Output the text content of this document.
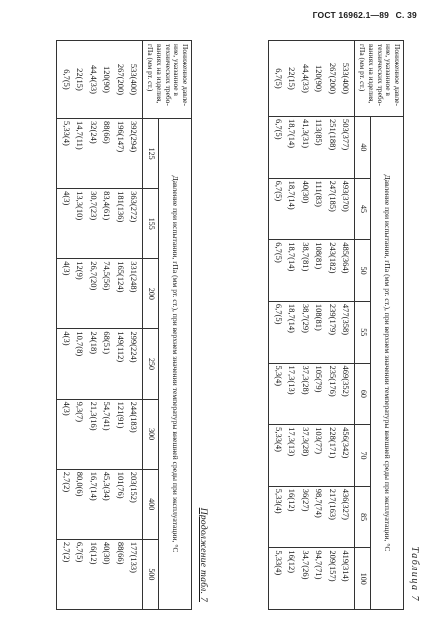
ГОСТ 16962.1—89 С. 39
Таблица 7
Пониженное давле-ние, указанное в технических требо-ваниях на изделия, гПа (мм рт. ст.)	Давление при испытании, гПа (мм рт. ст.), при верхнем значении температуры внешней среды при эксплуатации, °С							
	40	45	50	55	60	70	85	100
533(400)	503(377)	493(370)	485(364)	477(358)	469(352)	456(342)	436(327)	419(314)
267(200)	251(188)	247(185)	243(182)	239(179)	235(176)	228(171)	217(163)	209(157)
120(90)	113(85)	111(83)	108(81)	108(81)	105(79)	103(77)	98,7(74)	94,7(71)
44,4(33)	41,3(31)	40(30)	38,7(81)	38,7(29)	37,3(28)	37,3(28)	36(27)	34,7(26)
22(15)	18,7(14)	18,7(14)	18,7(14)	18,7(14)	17,3(13)	17,3(13)	16(12)	16(12)
6,7(5)	6,7(5)	6,7(5)	6,7(5)	6,7(5)	5,3(4)	5,33(4)	5,33(4)	5,33(4)
Продолжение табл. 7
Пониженное давле-ние, указанное в технических требо-ваниях на изделия, гПа (мм рт. ст.)	Давление при испытании, гПа (мм рт. ст.), при верхнем значении температуры внешней среды при эксплуатации, °С						
	125	155	200	250	300	400	500
533(400)	392(294)	363(272)	331(248)	299(224)	244(183)	203(152)	177(133)
267(200)	196(147)	181(136)	165(124)	149(112)	121(91)	101(76)	88(66)
120(90)	88(66)	83,4(61)	74,5(56)	68(51)	54,7(41)	45,3(34)	40(30)
44,4(33)	32(24)	30,7(23)	26,7(20)	24(18)	21,3(16)	16,7(14)	16(12)
22(15)	14,7(11)	13,3(10)	12(9)	10,7(8)	9,3(7)	80,0(6)	6,7(5)
6,7(5)	5,33(4)	4(3)	4(3)	4(3)	4(3)	2,7(2)	2,7(2)
